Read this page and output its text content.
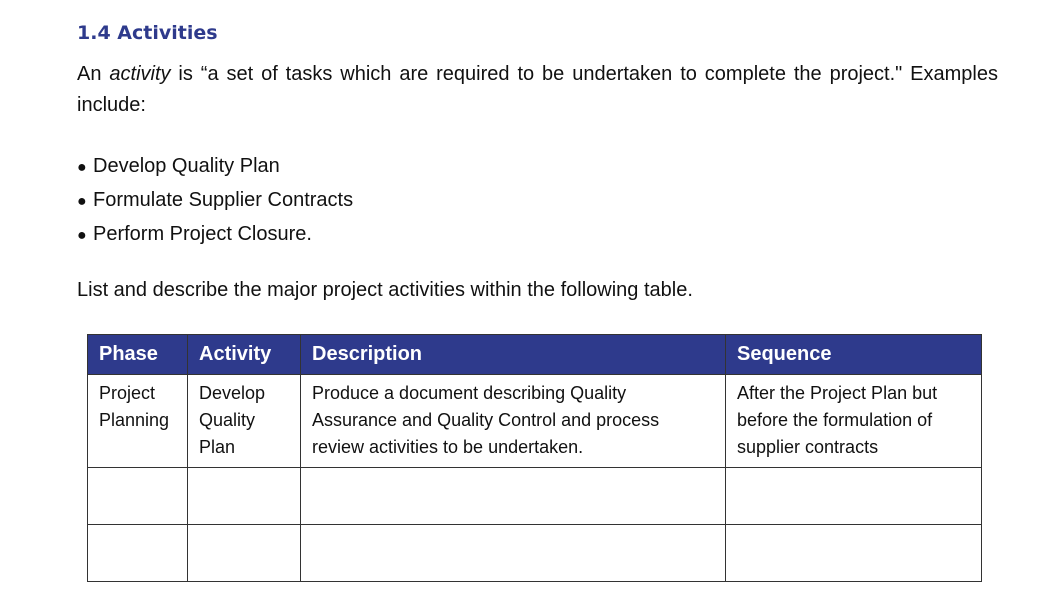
1.4 Activities

An activity is “a set of tasks which are required to be undertaken to complete the project." Examples include:

● Develop Quality Plan
● Formulate Supplier Contracts
● Perform Project Closure.

List and describe the major project activities within the following table.

Phase	Activity	Description	Sequence
Project Planning	Develop Quality Plan	Produce a document describing Quality Assurance and Quality Control and process review activities to be undertaken.	After the Project Plan but before the formulation of supplier contracts
